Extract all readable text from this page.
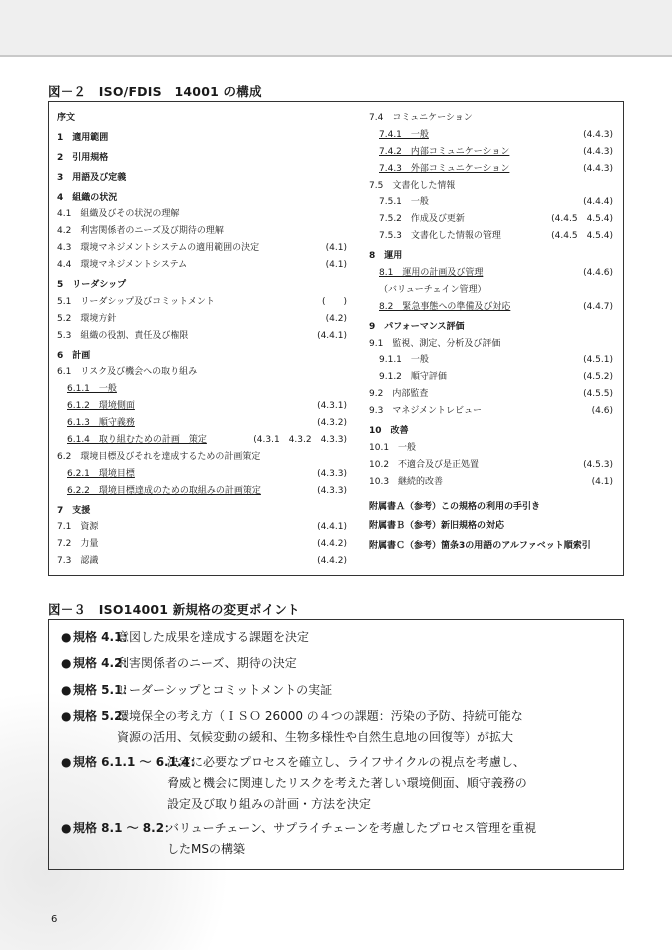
図－２　ISO/FDIS　14001 の構成
序文
1　適用範囲
2　引用規格
3　用語及び定義
4　組織の状況
4.1　組織及びその状況の理解
4.2　利害関係者のニーズ及び期待の理解
4.3　環境マネジメントシステムの適用範囲の決定	(4.1)
4.4　環境マネジメントシステム	(4.1)
5　リーダシップ
5.1　リーダシップ及びコミットメント	(　　)
5.2　環境方針	(4.2)
5.3　組織の役割、責任及び権限	(4.4.1)
6　計画
6.1　リスク及び機会への取り組み
6.1.1　一般
6.1.2　環境側面	(4.3.1)
6.1.3　順守義務	(4.3.2)
6.1.4　取り組むための計画　策定	(4.3.1　4.3.2　4.3.3)
6.2　環境目標及びそれを達成するための計画策定
6.2.1　環境目標	(4.3.3)
6.2.2　環境目標達成のための取組みの計画策定	(4.3.3)
7　支援
7.1　資源	(4.4.1)
7.2　力量	(4.4.2)
7.3　認識	(4.4.2)
7.4　コミュニケーション
7.4.1　一般	(4.4.3)
7.4.2　内部コミュニケーション	(4.4.3)
7.4.3　外部コミュニケーション	(4.4.3)
7.5　文書化した情報
7.5.1　一般	(4.4.4)
7.5.2　作成及び更新	(4.4.5　4.5.4)
7.5.3　文書化した情報の管理	(4.4.5　4.5.4)
8　運用
8.1　運用の計画及び管理	(4.4.6)
（バリューチェイン管理）
8.2　緊急事態への準備及び対応	(4.4.7)
9　パフォーマンス評価
9.1　監視、測定、分析及び評価
9.1.1　一般	(4.5.1)
9.1.2　順守評価	(4.5.2)
9.2　内部監査	(4.5.5)
9.3　マネジメントレビュー	(4.6)
10　改善
10.1　一般
10.2　不適合及び是正処置	(4.5.3)
10.3　継続的改善	(4.1)
附属書Ａ（参考）この規格の利用の手引き
附属書Ｂ（参考）新旧規格の対応
附属書Ｃ（参考）箇条3の用語のアルファベット順索引
図－３　ISO14001 新規格の変更ポイント
● 規格 4.1：
意図した成果を達成する課題を決定
● 規格 4.2：
利害関係者のニーズ、期待の決定
● 規格 5.1：
リーダーシップとコミットメントの実証
● 規格 5.2：
環境保全の考え方（ＩＳＯ 26000 の４つの課題：汚染の予防、持続可能な
資源の活用、気候変動の緩和、生物多様性や自然生息地の回復等）が拡大
● 規格 6.1.1 ～ 6.1.4：
決定に必要なプロセスを確立し、ライフサイクルの視点を考慮し、
脅威と機会に関連したリスクを考えた著しい環境側面、順守義務の
設定及び取り組みの計画・方法を決定
● 規格 8.1 ～ 8.2：
バリューチェーン、サプライチェーンを考慮したプロセス管理を重視
したMSの構築
6
